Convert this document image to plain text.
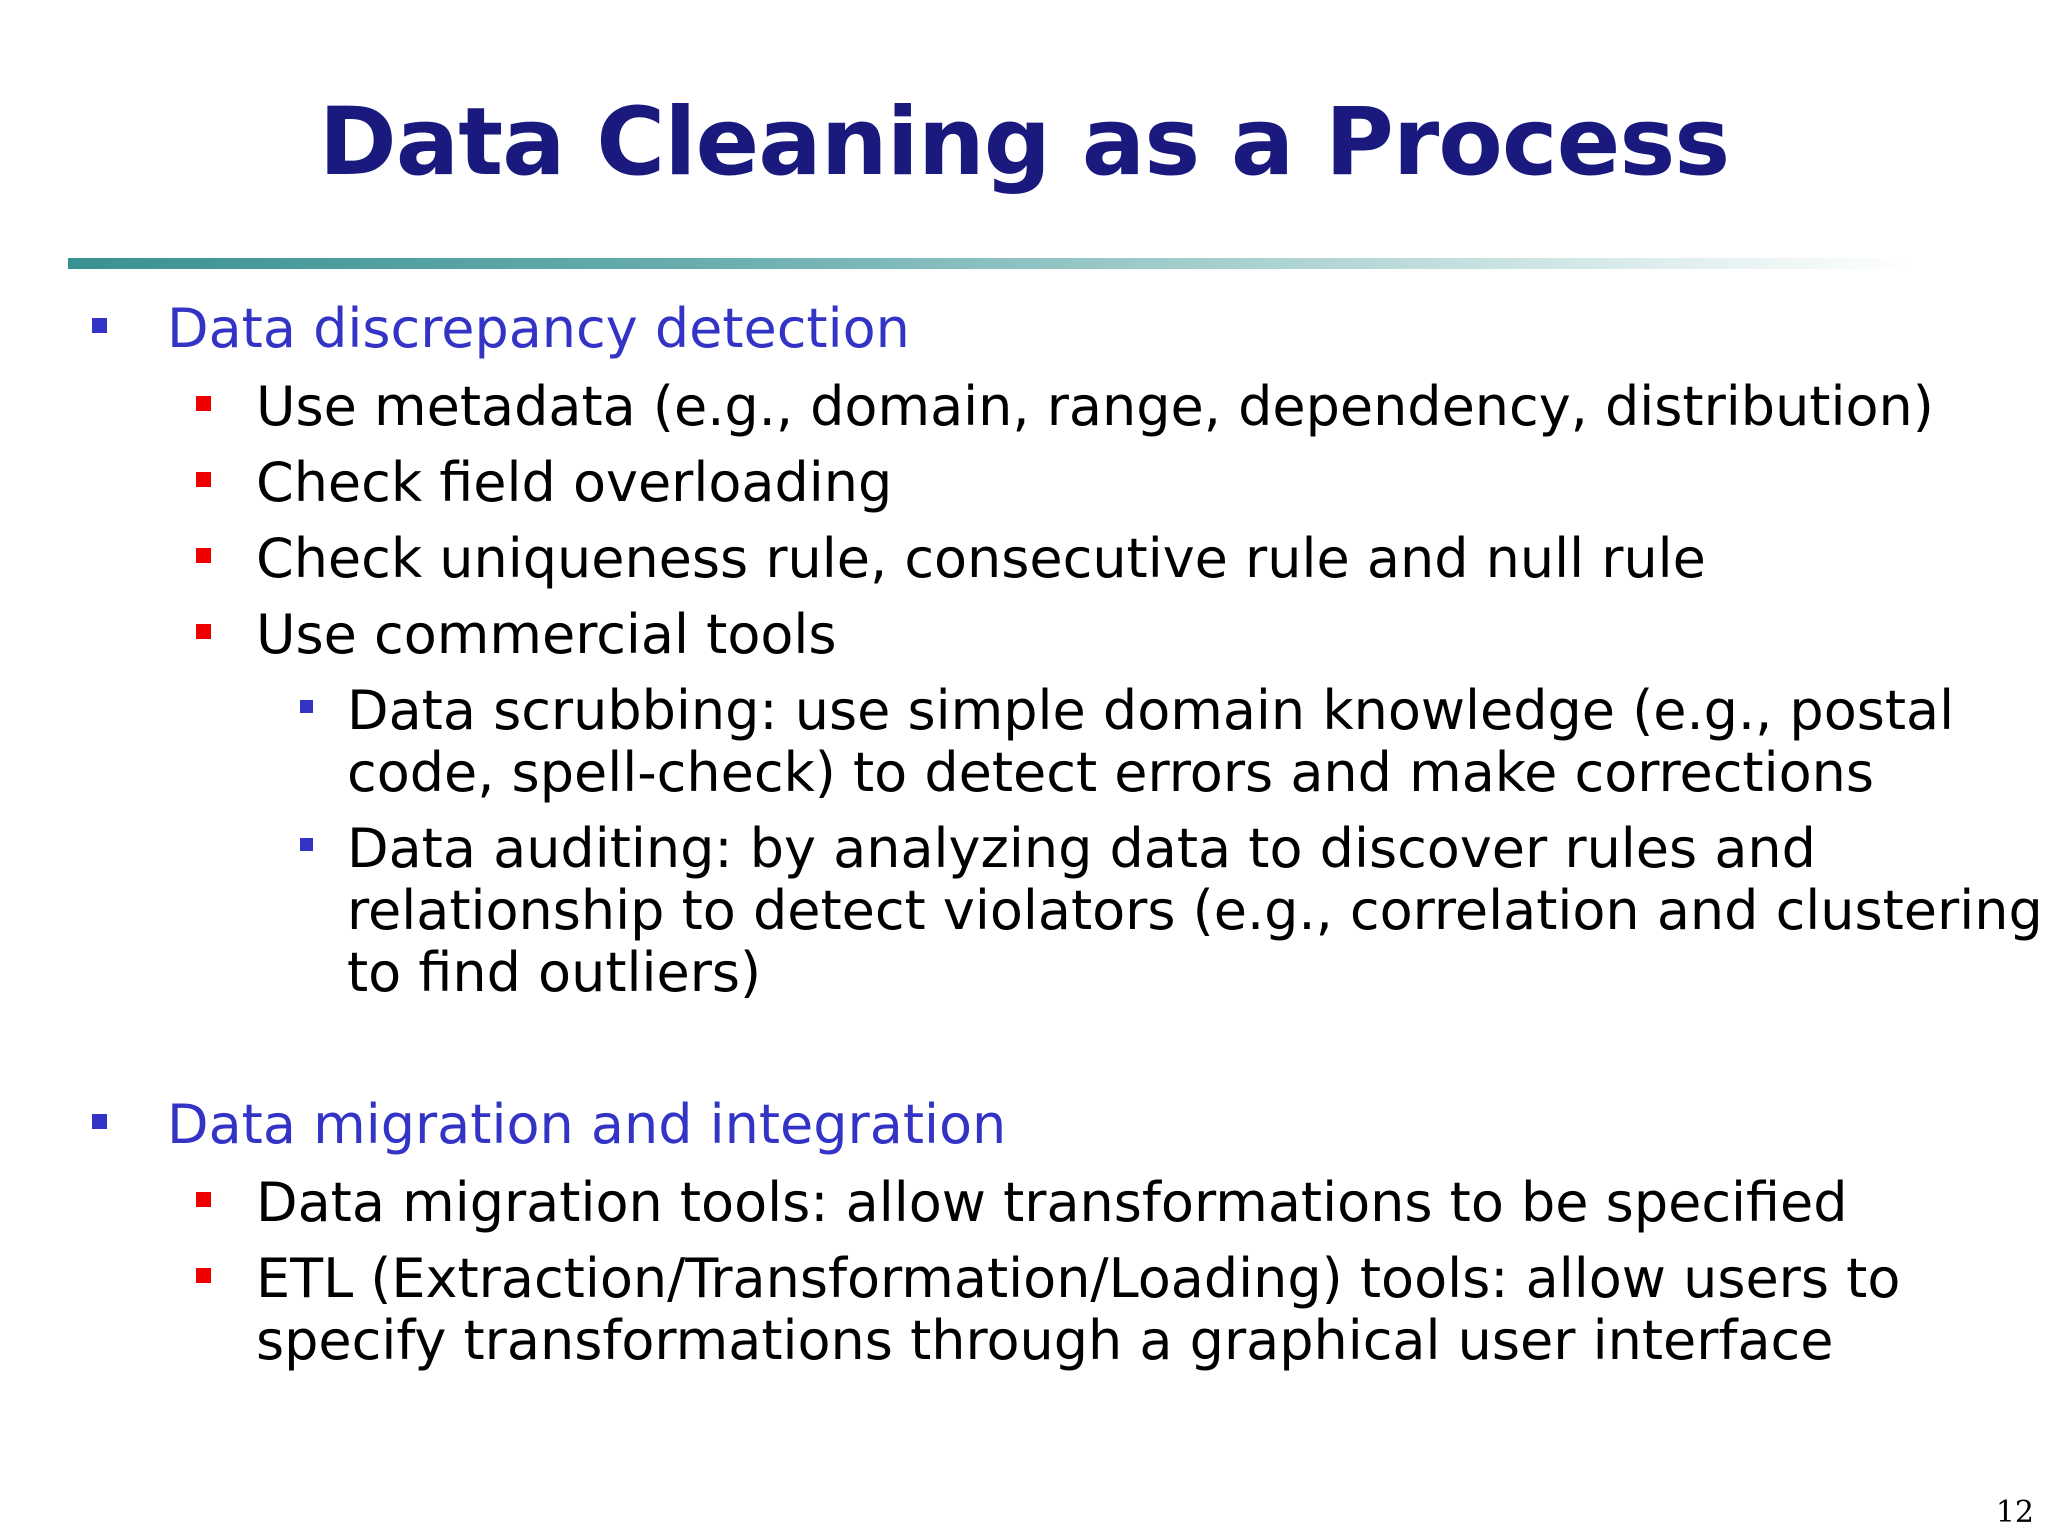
Data Cleaning as a Process
Data discrepancy detection
Use metadata (e.g., domain, range, dependency, distribution)
Check field overloading
Check uniqueness rule, consecutive rule and null rule
Use commercial tools
Data scrubbing: use simple domain knowledge (e.g., postal
code, spell-check) to detect errors and make corrections
Data auditing: by analyzing data to discover rules and
relationship to detect violators (e.g., correlation and clustering
to find outliers)
Data migration and integration
Data migration tools: allow transformations to be specified
ETL (Extraction/Transformation/Loading) tools: allow users to
specify transformations through a graphical user interface
12
